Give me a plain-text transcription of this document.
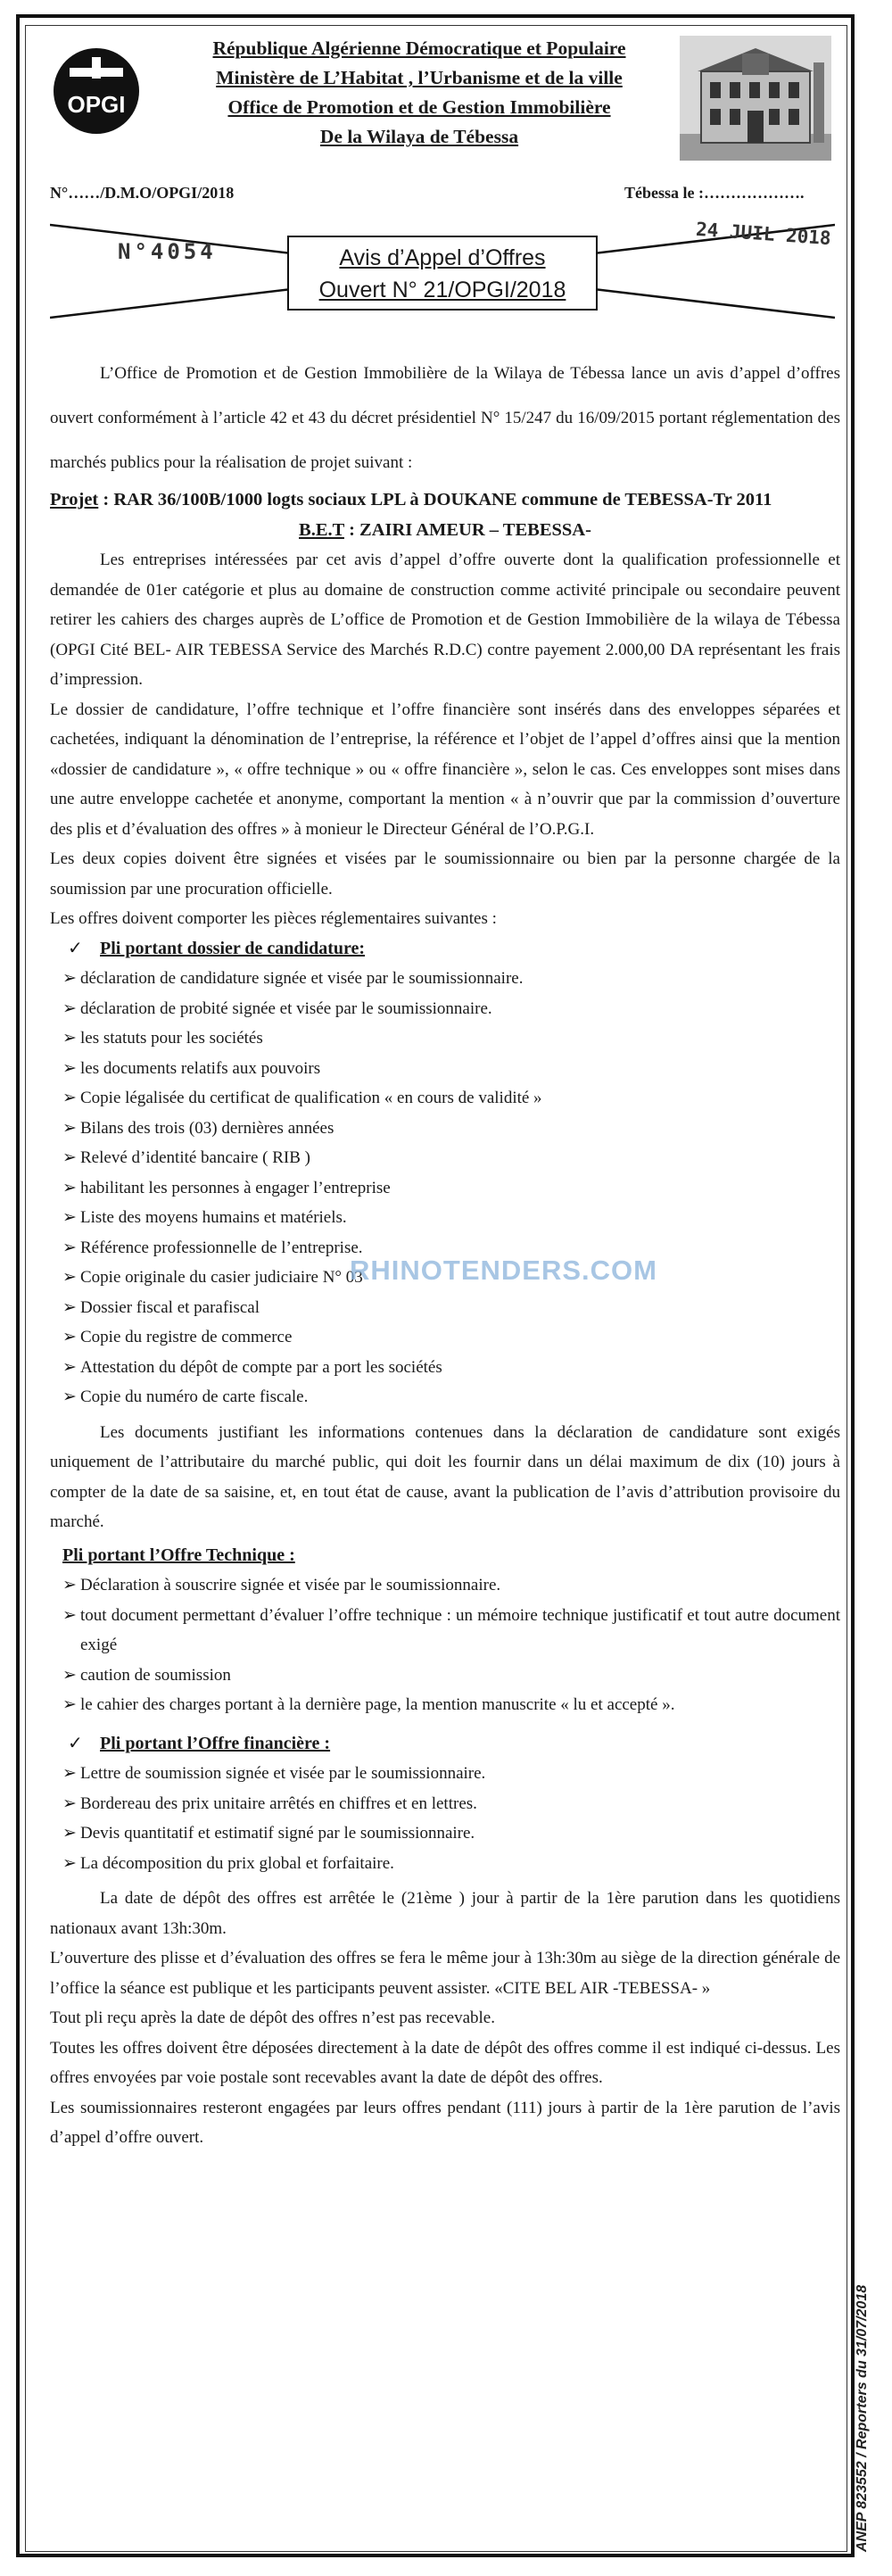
OPGI
République Algérienne Démocratique et Populaire
Ministère de L’Habitat , l’Urbanisme et de la ville
Office de Promotion et de Gestion Immobilière
De la Wilaya de Tébessa
N°……/D.M.O/OPGI/2018	Tébessa le :……………….
N°4054
24 JUIL 2018
Avis d’Appel d’Offres
Ouvert N° 21/OPGI/2018

L’Office de Promotion et de Gestion Immobilière de la Wilaya de Tébessa lance un avis d’appel d’offres ouvert conformément à l’article 42 et 43 du décret présidentiel N° 15/247 du 16/09/2015 portant réglementation des marchés publics pour la réalisation de projet suivant :

Projet : RAR 36/100B/1000 logts sociaux LPL à DOUKANE commune de TEBESSA-Tr 2011

B.E.T : ZAIRI AMEUR – TEBESSA-

Les entreprises intéressées par cet avis d’appel d’offre ouverte dont la qualification professionnelle et demandée de 01er catégorie et plus au domaine de construction comme activité principale ou secondaire peuvent retirer les cahiers des charges auprès de L’office de Promotion et de Gestion Immobilière de la wilaya de Tébessa (OPGI Cité BEL- AIR TEBESSA Service des Marchés R.D.C) contre payement 2.000,00 DA représentant les frais d’impression.

Le dossier de candidature, l’offre technique et l’offre financière sont insérés dans des enveloppes séparées et cachetées, indiquant la dénomination de l’entreprise, la référence et l’objet de l’appel d’offres ainsi que la mention «dossier de candidature », « offre technique » ou « offre financière », selon le cas. Ces enveloppes sont mises dans une autre enveloppe cachetée et anonyme, comportant la mention « à n’ouvrir que par la commission d’ouverture des plis et d’évaluation des offres » à monieur le Directeur Général de l’O.P.G.I.

Les deux copies doivent être signées et visées par le soumissionnaire ou bien par la personne chargée de la soumission par une procuration officielle.

Les offres doivent comporter les pièces réglementaires suivantes :

✓ Pli portant dossier de candidature:

➢ déclaration de candidature signée et visée par le soumissionnaire.
➢ déclaration de probité signée et visée par le soumissionnaire.
➢ les statuts pour les sociétés
➢ les documents relatifs aux pouvoirs
➢ Copie légalisée du certificat de qualification « en cours de validité »
➢ Bilans des trois (03) dernières années
➢ Relevé d’identité bancaire ( RIB )
➢ habilitant les personnes à engager l’entreprise
➢ Liste des moyens humains et matériels.
➢ Référence professionnelle de l’entreprise.
➢ Copie originale du casier judiciaire N° 03
➢ Dossier fiscal et parafiscal
➢ Copie du registre de commerce
➢ Attestation du dépôt de compte par a port les sociétés
➢ Copie du numéro de carte fiscale.

Les documents justifiant les informations contenues dans la déclaration de candidature sont exigés uniquement de l’attributaire du marché public, qui doit les fournir dans un délai maximum de dix (10) jours à compter de la date de sa saisine, et, en tout état de cause, avant la publication de l’avis d’attribution provisoire du marché.

Pli portant l’Offre Technique :

➢ Déclaration à souscrire signée et visée par le soumissionnaire.
➢ tout document permettant d’évaluer l’offre technique : un mémoire technique justificatif et tout autre document exigé
➢ caution de soumission
➢ le cahier des charges portant à la dernière page, la mention manuscrite « lu et accepté ».

✓ Pli portant l’Offre financière :

➢ Lettre de soumission signée et visée par le soumissionnaire.
➢ Bordereau des prix unitaire arrêtés en chiffres et en lettres.
➢ Devis quantitatif et estimatif signé par le soumissionnaire.
➢ La décomposition du prix global et forfaitaire.

La date de dépôt des offres est arrêtée le (21ème ) jour à partir de la 1ère parution dans les quotidiens nationaux avant 13h:30m.

L’ouverture des plisse et d’évaluation des offres se fera le même jour à 13h:30m au siège de la direction générale de l’office la séance est publique et les participants peuvent assister. «CITE BEL AIR -TEBESSA- »

Tout pli reçu après la date de dépôt des offres n’est pas recevable.

Toutes les offres doivent être déposées directement à la date de dépôt des offres comme il est indiqué ci-dessus. Les offres envoyées par voie postale sont recevables avant la date de dépôt des offres.

Les soumissionnaires resteront engagées par leurs offres pendant (111) jours à partir de la 1ère parution de l’avis d’appel d’offre ouvert.

RHINOTENDERS.COM
ANEP 823552 / Reporters du 31/07/2018
